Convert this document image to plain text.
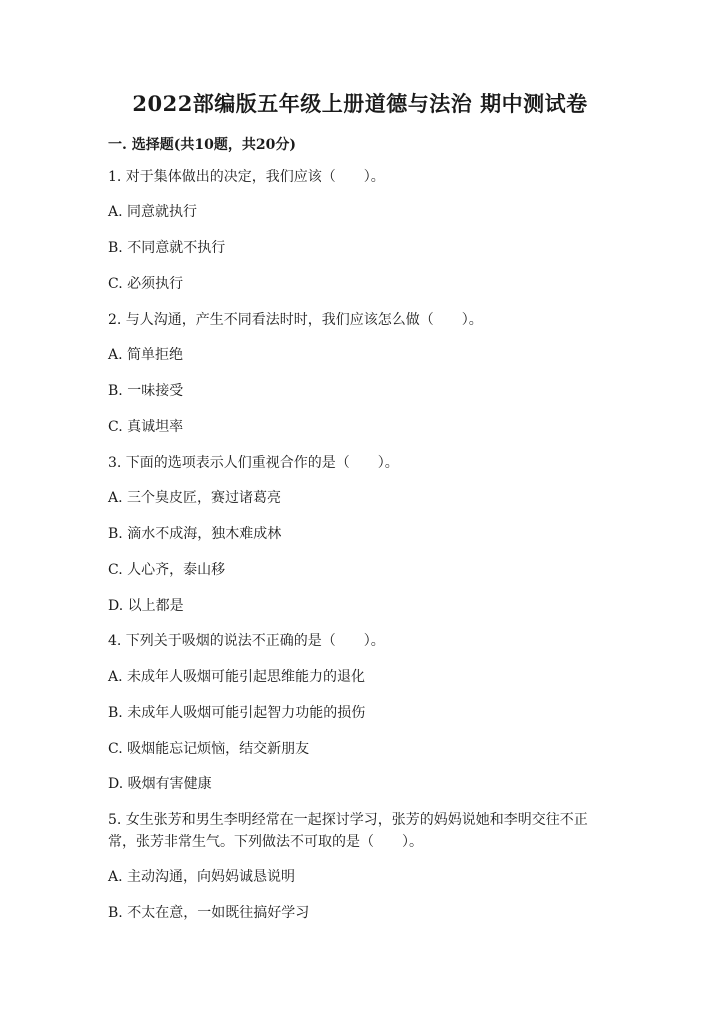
2022部编版五年级上册道德与法治 期中测试卷
一. 选择题(共10题，共20分)
1. 对于集体做出的决定，我们应该（　　）。
A. 同意就执行
B. 不同意就不执行
C. 必须执行
2. 与人沟通，产生不同看法时时，我们应该怎么做（　　）。
A. 简单拒绝
B. 一味接受
C. 真诚坦率
3. 下面的选项表示人们重视合作的是（　　）。
A. 三个臭皮匠，赛过诸葛亮
B. 滴水不成海，独木难成林
C. 人心齐，泰山移
D. 以上都是
4. 下列关于吸烟的说法不正确的是（　　）。
A. 未成年人吸烟可能引起思维能力的退化
B. 未成年人吸烟可能引起智力功能的损伤
C. 吸烟能忘记烦恼，结交新朋友
D. 吸烟有害健康
5. 女生张芳和男生李明经常在一起探讨学习，张芳的妈妈说她和李明交往不正
常，张芳非常生气。下列做法不可取的是（　　）。
A. 主动沟通，向妈妈诚恳说明
B. 不太在意，一如既往搞好学习
